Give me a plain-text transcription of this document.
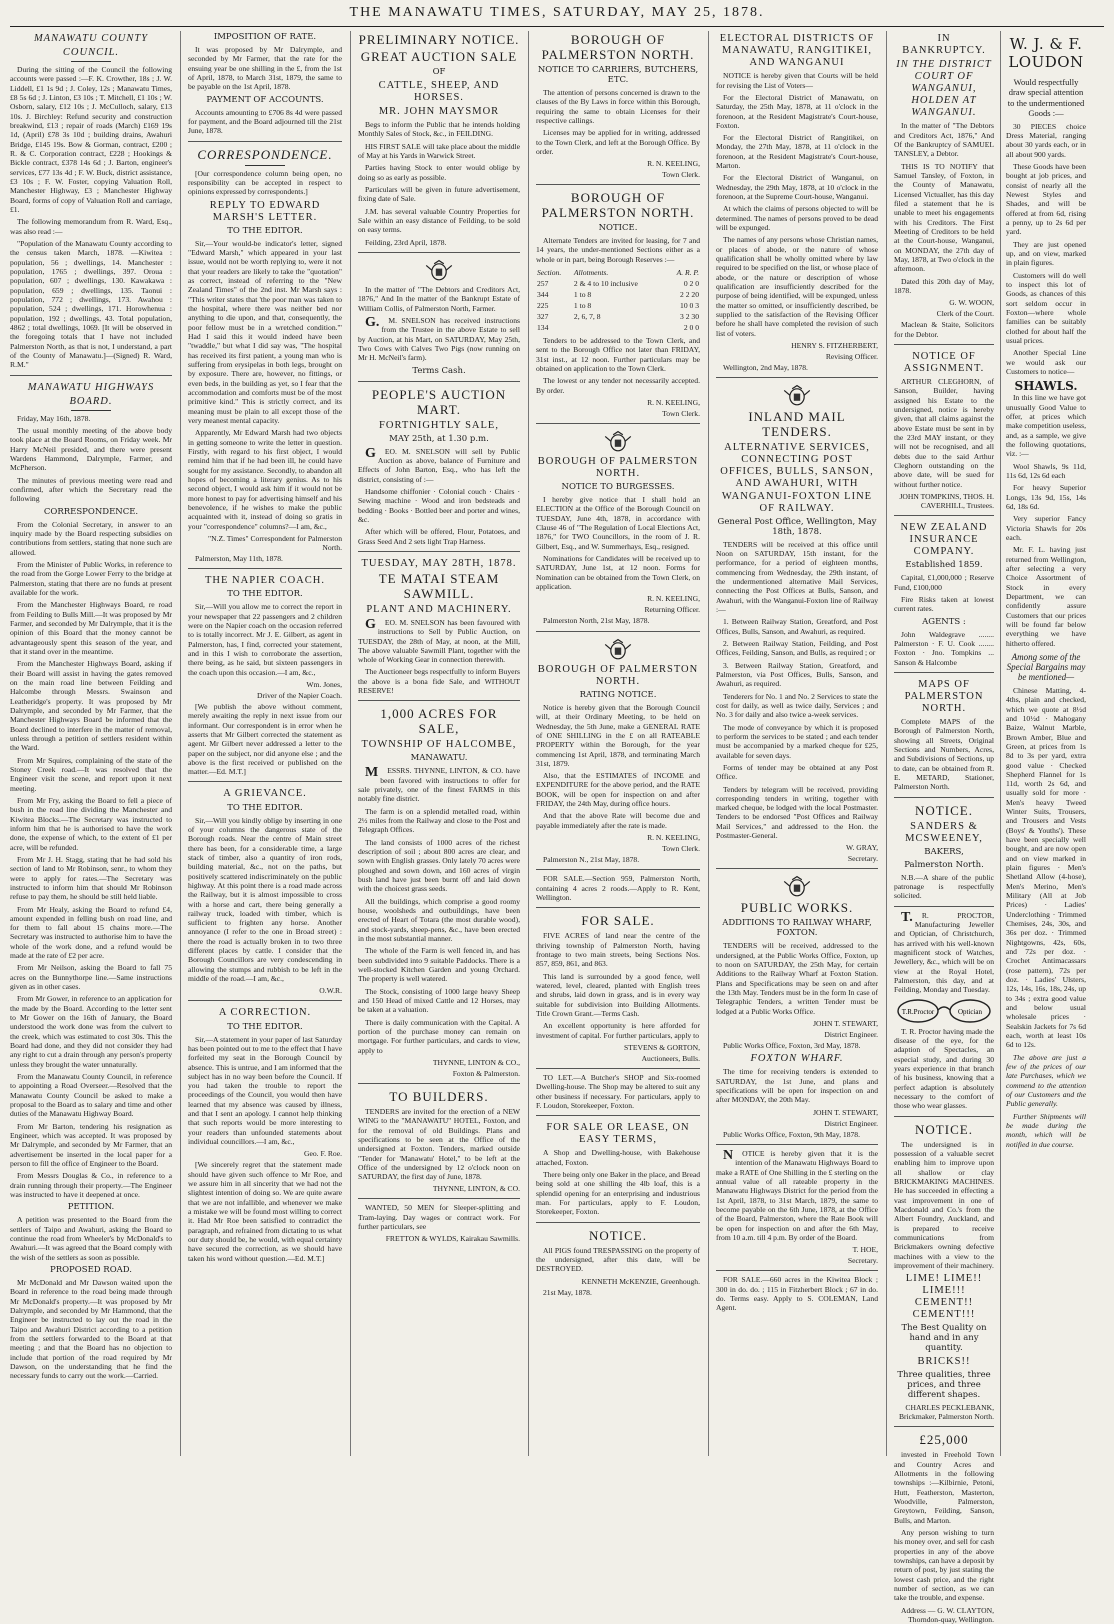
THE MANAWATU TIMES, SATURDAY, MAY 25, 1878.
MANAWATU COUNTY
COUNCIL.

During the sitting of the Council the following accounts were passed :—F. K. Crowther, 18s ; J. W. Liddell, £1 1s 9d ; J. Coley, 12s ; Manawatu Times, £8 5s 6d ; J. Linton, £3 10s ; T. Mitchell, £1 10s ; W. Osborn, salary, £12 10s ; J. McCulloch, salary, £13 10s. J. Birchley: Refund security and construction breakwind, £13 ; repair of roads (March) £169 19s 1d, (April) £78 3s 10d ; building drains, Awahuri Bridge, £145 19s. Bow & Gorman, contract, £200 ; R. & C. Corporation contract, £228 ; Hookings & Bickle contract, £378 14s 6d ; J. Barton, engineer's services, £77 13s 4d ; F. W. Buck, district assistance, £3 10s ; F. W. Foster, copying Valuation Roll, Manchester Highway, £3 ; Manchester Highway Board, forms of copy of Valuation Roll and carriage, £1.

The following memorandum from R. Ward, Esq., was also read :—

"Population of the Manawatu County according to the census taken March, 1878. —Kiwitea : population, 56 ; dwellings, 14. Manchester : population, 1765 ; dwellings, 397. Oroua : population, 607 ; dwellings, 130. Kawakawa : population, 659 ; dwellings, 135. Taonui : population, 772 ; dwellings, 173. Awahou : population, 524 ; dwellings, 171. Horowhenua : population, 192 ; dwellings, 43. Total population, 4862 ; total dwellings, 1069. [It will be observed in the foregoing totals that I have not included Palmerston North, as that is not, I understand, a part of the County of Manawatu.]—(Signed) R. Ward, R.M."

MANAWATU HIGHWAYS
BOARD.

Friday, May 16th, 1878.

The usual monthly meeting of the above body took place at the Board Rooms, on Friday week. Mr Harry McNeil presided, and there were present Wardens Hammond, Dalrymple, Farmer, and McPherson.

The minutes of previous meeting were read and confirmed, after which the Secretary read the following

CORRESPONDENCE.

From the Colonial Secretary, in answer to an inquiry made by the Board respecting subsidies on contributions from settlers, stating that none such are allowed.

From the Minister of Public Works, in reference to the road from the Gorge Lower Ferry to the bridge at Palmerston, stating that there are no funds at present available for the work.

From the Manchester Highways Board, re road from Feilding to Bulls Mill.—It was proposed by Mr Farmer, and seconded by Mr Dalrymple, that it is the opinion of this Board that the money cannot be advantageously spent this season of the year, and that it stand over in the meantime.

From the Manchester Highways Board, asking if their Board will assist in having the gates removed on the main road line between Feilding and Halcombe through Messrs. Swainson and Leatheridge's property. It was proposed by Mr Dalrymple, and seconded by Mr Farmer, that the Manchester Highways Board be informed that the Board declined to interfere in the matter of removal, unless through a petition of settlers resident within the Ward.

From Mr Squires, complaining of the state of the Stoney Creek road.—It was resolved that the Engineer visit the scene, and report upon it next meeting.

From Mr Fry, asking the Board to fell a piece of bush in the road line dividing the Manchester and Kiwitea Blocks.—The Secretary was instructed to inform him that he is authorised to have the work done, the expense of which, to the extent of £1 per acre, will be refunded.

From Mr J. H. Stagg, stating that he had sold his section of land to Mr Robinson, senr., to whom they were to apply for rates.—The Secretary was instructed to inform him that should Mr Robinson refuse to pay them, he should be still held liable.

From Mr Healy, asking the Board to refund £4, amount expended in felling bush on road line, and for them to fall about 15 chains more.—The Secretary was instructed to authorise him to have the whole of the work done, and a refund would be made at the rate of £2 per acre.

From Mr Neilson, asking the Board to fall 75 acres on the Bunnythorpe line.—Same instructions given as in other cases.

From Mr Gower, in reference to an application for the made by the Board. According to the letter sent to Mr Gower on the 16th of January, the Board understood the work done was from the culvert to the creek, which was estimated to cost 30s. This the Board had done, and they did not consider they had any right to cut a drain through any person's property unless they brought the water unnaturally.

From the Manawatu County Council, in reference to appointing a Road Overseer.—Resolved that the Manawatu County Council be asked to make a proposal to the Board as to salary and time and other duties of the Manawatu Highway Board.

From Mr Barton, tendering his resignation as Engineer, which was accepted. It was proposed by Mr Dalrymple, and seconded by Mr Farmer, that an advertisement be inserted in the local paper for a person to fill the office of Engineer to the Board.

From Messrs Douglas & Co., in reference to a drain running through their property.—The Engineer was instructed to have it deepened at once.

PETITION.

A petition was presented to the Board from the settlers of Taipo and Awahuri, asking the Board to continue the road from Wheeler's by McDonald's to Awahuri.—It was agreed that the Board comply with the wish of the settlers as soon as possible.

PROPOSED ROAD.

Mr McDonald and Mr Dawson waited upon the Board in reference to the road being made through Mr McDonald's property.—It was proposed by Mr Dalrymple, and seconded by Mr Hammond, that the Engineer be instructed to lay out the road in the Taipo and Awahuri District according to a petition from the settlers forwarded to the Board at that meeting ; and that the Board has no objection to include that portion of the road required by Mr Dawson, on the understanding that he find the necessary funds to carry out the work.—Carried.

IMPOSITION OF RATE.

It was proposed by Mr Dalrymple, and seconded by Mr Farmer, that the rate for the ensuing year be one shilling in the £, from the 1st of April, 1878, to March 31st, 1879, the same to be payable on the 1st April, 1878.

PAYMENT OF ACCOUNTS.

Accounts amounting to £706 8s 4d were passed for payment, and the Board adjourned till the 21st June, 1878.

CORRESPONDENCE.

[Our correspondence column being open, no responsibility can be accepted in respect to opinions expressed by correspondents.]

REPLY TO EDWARD MARSH'S LETTER.
TO THE EDITOR.

Sir,—Your would-be indicator's letter, signed "Edward Marsh," which appeared in your last issue, would not be worth replying to, were it not that your readers are likely to take the "quotation" as correct, instead of referring to the "New Zealand Times" of the 2nd inst. Mr Marsh says : "This writer states that 'the poor man was taken to the hospital, where there was neither bed nor anything to die upon, and that, consequently, the poor fellow must be in a wretched condition.'" Had I said this it would indeed have been "twaddle," but what I did say was, "The hospital has received its first patient, a young man who is suffering from erysipelas in both legs, brought on by exposure. There are, however, no fittings, or even beds, in the building as yet, so I fear that the accommodation and comforts must be of the most primitive kind." This is strictly correct, and its meaning must be plain to all except those of the very meanest mental capacity.

Apparently, Mr Edward Marsh had two objects in getting someone to write the letter in question. Firstly, with regard to his first object, I would remind him that if he had been ill, he could have sought for my assistance. Secondly, to abandon all hopes of becoming a literary genius. As to his second object, I would ask him if it would not be more honest to pay for advertising himself and his benevolence, if he wishes to make the public acquainted with it, instead of doing so gratis in your "correspondence" columns?—I am, &c.,

"N.Z. Times" Correspondent for Palmerston North.

Palmerston, May 11th, 1878.

THE NAPIER COACH.
TO THE EDITOR.

Sir,—Will you allow me to correct the report in your newspaper that 22 passengers and 2 children were on the Napier coach on the occasion referred to is totally incorrect. Mr J. E. Gilbert, as agent in Palmerston, has, I find, corrected your statement, and in this I wish to corroborate the assertion, there being, as he said, but sixteen passengers in the coach upon this occasion.—I am, &c.,

Wm. Jones,
Driver of the Napier Coach.

[We publish the above without comment, merely awaiting the reply in next issue from our informant. Our correspondent is in error when he asserts that Mr Gilbert corrected the statement as agent. Mr Gilbert never addressed a letter to the paper on the subject, nor did anyone else ; and the above is the first received or published on the matter.—Ed. M.T.]

A GRIEVANCE.
TO THE EDITOR.

Sir,—Will you kindly oblige by inserting in one of your columns the dangerous state of the Borough roads. Near the centre of Main street there has been, for a considerable time, a large stack of timber, also a quantity of iron rods, building material, &c., not on the paths, but positively scattered indiscriminately on the public highway. At this point there is a road made across the Railway, but it is almost impossible to cross with a horse and cart, there being generally a railway truck, loaded with timber, which is sufficient to frighten any horse. Another annoyance (I refer to the one in Broad street) : there the road is actually broken in to two three different places by cattle. I consider that the Borough Councillors are very condescending in allowing the stumps and rubbish to be left in the middle of the road.—I am, &c.,

O.W.R.
A CORRECTION.
TO THE EDITOR.

Sir,—A statement in your paper of last Saturday has been pointed out to me to the effect that I have forfeited my seat in the Borough Council by absence. This is untrue, and I am informed that the subject has in no way been before the Council. If you had taken the trouble to report the proceedings of the Council, you would then have learned that my absence was caused by illness, and that I sent an apology. I cannot help thinking that such reports would be more interesting to your readers than unfounded statements about individual councillors.—I am, &c.,

Geo. F. Roe.

[We sincerely regret that the statement made should have given such offence to Mr Roe, and we assure him in all sincerity that we had not the slightest intention of doing so. We are quite aware that we are not infallible, and whenever we make a mistake we will be found most willing to correct it. Had Mr Roe been satisfied to contradict the paragraph, and refrained from dictating to us what our duty should be, he would, with equal certainty have secured the correction, as we should have taken his word without question.—Ed. M.T.]

PRELIMINARY NOTICE.
GREAT AUCTION SALE
OF
CATTLE, SHEEP, AND HORSES.
MR. JOHN MAYSMOR

Begs to inform the Public that he intends holding Monthly Sales of Stock, &c., in FEILDING.

HIS FIRST SALE will take place about the middle of May at his Yards in Warwick Street.

Parties having Stock to enter would oblige by doing so as early as possible.

Particulars will be given in future advertisement, fixing date of Sale.

J.M. has several valuable Country Properties for Sale within an easy distance of Feilding, to be sold on easy terms.

Feilding, 23rd April, 1878.

In the matter of "The Debtors and Creditors Act, 1876," And In the matter of the Bankrupt Estate of William Collis, of Palmerston North, Farmer.

G.M. SNELSON has received instructions from the Trustee in the above Estate to sell by Auction, at his Mart, on SATURDAY, May 25th, Two Cows with Calves Two Pigs (now running on Mr H. McNeil's farm).

Terms Cash.
PEOPLE'S AUCTION MART.
FORTNIGHTLY SALE,
MAY 25th, at 1.30 p.m.

GEO. M. SNELSON will sell by Public Auction as above, balance of Furniture and Effects of John Barton, Esq., who has left the district, consisting of :—

Handsome chiffonier · Colonial couch · Chairs · Sewing machine · Wood and iron bedsteads and bedding · Books · Bottled beer and porter and wines, &c.

After which will be offered, Flour, Potatoes, and Grass Seed And 2 sets light Trap Harness.

TUESDAY, MAY 28TH, 1878.
TE MATAI STEAM SAWMILL.
PLANT AND MACHINERY.

GEO. M. SNELSON has been favoured with instructions to Sell by Public Auction, on TUESDAY, the 28th of May, at noon, at the Mill, The above valuable Sawmill Plant, together with the whole of Working Gear in connection therewith.

The Auctioneer begs respectfully to inform Buyers the above is a bona fide Sale, and WITHOUT RESERVE!

1,000 ACRES FOR SALE,
TOWNSHIP OF HALCOMBE,
MANAWATU.

MESSRS. THYNNE, LINTON, & CO. have been favored with instructions to offer for sale privately, one of the finest FARMS in this notably fine district.

The farm is on a splendid metalled road, within 2½ miles from the Railway and close to the Post and Telegraph Offices.

The land consists of 1000 acres of the richest description of soil ; about 800 acres are clear, and sown with English grasses. Only lately 70 acres were ploughed and sown down, and 160 acres of virgin bush land have just been burnt off and laid down with the choicest grass seeds.

All the buildings, which comprise a good roomy house, woolsheds and outbuildings, have been erected of Heart of Totara (the most durable wood), and stock-yards, sheep-pens, &c., have been erected in the most substantial manner.

The whole of the Farm is well fenced in, and has been subdivided into 9 suitable Paddocks. There is a well-stocked Kitchen Garden and young Orchard. The property is well watered.

The Stock, consisting of 1000 large heavy Sheep and 150 Head of mixed Cattle and 12 Horses, may be taken at a valuation.

There is daily communication with the Capital. A portion of the purchase money can remain on mortgage. For further particulars, and cards to view, apply to

THYNNE, LINTON & CO.,
Foxton & Palmerston.
TO BUILDERS.

TENDERS are invited for the erection of a NEW WING to the "MANAWATU" HOTEL, Foxton, and for the removal of old Buildings. Plans and specifications to be seen at the Office of the undersigned at Foxton. Tenders, marked outside "Tender for 'Manawatu' Hotel," to be left at the Office of the undersigned by 12 o'clock noon on SATURDAY, the first day of June, 1878.

THYNNE, LINTON, & CO.

WANTED, 50 MEN for Sleeper-splitting and Tram-laying. Day wages or contract work. For further particulars, see

FRETTON & WYLDS, Kairakau Sawmills.
BOROUGH OF PALMERSTON NORTH.
NOTICE TO CARRIERS, BUTCHERS, ETC.

The attention of persons concerned is drawn to the clauses of the By Laws in force within this Borough, requiring the same to obtain Licenses for their respective callings.

Licenses may be applied for in writing, addressed to the Town Clerk, and left at the Borough Office. By order.

R. N. KEELING,
Town Clerk.
BOROUGH OF PALMERSTON NORTH.
NOTICE.

Alternate Tenders are invited for leasing, for 7 and 14 years, the under-mentioned Sections either as a whole or in part, being Borough Reserves :—

Section.	Allotments.	A. R. P.
257	2 & 4 to 10 inclusive	0 2 0
344	1 to 8	2 2 20
225	1 to 8	10 0 3
327	2, 6, 7, 8	3 2 30
134		2 0 0

Tenders to be addressed to the Town Clerk, and sent to the Borough Office not later than FRIDAY, 31st inst., at 12 noon. Further particulars may be obtained on application to the Town Clerk.

The lowest or any tender not necessarily accepted. By order.

R. N. KEELING,
Town Clerk.
BOROUGH OF PALMERSTON NORTH.
NOTICE TO BURGESSES.

I hereby give notice that I shall hold an ELECTION at the Office of the Borough Council on TUESDAY, June 4th, 1878, in accordance with Clause 46 of "The Regulation of Local Elections Act, 1876," for TWO Councillors, in the room of J. R. Gilbert, Esq., and W. Summerhays, Esq., resigned.

Nominations for Candidates will be received up to SATURDAY, June 1st, at 12 noon. Forms for Nomination can be obtained from the Town Clerk, on application.

R. N. KEELING,
Returning Officer.

Palmerston North, 21st May, 1878.

BOROUGH OF PALMERSTON NORTH.
RATING NOTICE.

Notice is hereby given that the Borough Council will, at their Ordinary Meeting, to be held on Wednesday, the 5th June, make a GENERAL RATE of ONE SHILLING in the £ on all RATEABLE PROPERTY within the Borough, for the year commencing 1st April, 1878, and terminating March 31st, 1879.

Also, that the ESTIMATES of INCOME and EXPENDITURE for the above period, and the RATE BOOK, will be open for inspection on and after FRIDAY, the 24th May, during office hours.

And that the above Rate will become due and payable immediately after the rate is made.

R. N. KEELING,
Town Clerk.

Palmerston N., 21st May, 1878.

FOR SALE.—Section 959, Palmerston North, containing 4 acres 2 roods.—Apply to R. Kent, Wellington.

FOR SALE.

FIVE ACRES of land near the centre of the thriving township of Palmerston North, having frontage to two main streets, being Sections Nos. 857, 859, 861, and 863.

This land is surrounded by a good fence, well watered, level, cleared, planted with English trees and shrubs, laid down in grass, and is in every way suitable for subdivision into Building Allotments. Title Crown Grant.—Terms Cash.

An excellent opportunity is here afforded for investment of capital. For further particulars, apply to

STEVENS & GORTON,
Auctioneers, Bulls.

TO LET.—A Butcher's SHOP and Six-roomed Dwelling-house. The Shop may be altered to suit any other business if necessary. For particulars, apply to F. Loudon, Storekeeper, Foxton.

FOR SALE OR LEASE, ON EASY TERMS,

A Shop and Dwelling-house, with Bakehouse attached, Foxton.

There being only one Baker in the place, and Bread being sold at one shilling the 4lb loaf, this is a splendid opening for an enterprising and industrious man. For particulars, apply to F. Loudon, Storekeeper, Foxton.

NOTICE.

All PIGS found TRESPASSING on the property of the undersigned, after this date, will be DESTROYED.

KENNETH McKENZIE, Greenhough.

21st May, 1878.

ELECTORAL DISTRICTS OF MANAWATU, RANGITIKEI, AND WANGANUI

NOTICE is hereby given that Courts will be held for revising the List of Voters—

For the Electoral District of Manawatu, on Saturday, the 25th May, 1878, at 11 o'clock in the forenoon, at the Resident Magistrate's Court-house, Foxton.

For the Electoral District of Rangitikei, on Monday, the 27th May, 1878, at 11 o'clock in the forenoon, at the Resident Magistrate's Court-house, Marton.

For the Electoral District of Wanganui, on Wednesday, the 29th May, 1878, at 10 o'clock in the forenoon, at the Supreme Court-house, Wanganui.

At which the claims of persons objected to will be determined. The names of persons proved to be dead will be expunged.

The names of any persons whose Christian names, or places of abode, or the nature of whose qualification shall be wholly omitted where by law required to be specified on the list, or whose place of abode, or the nature or description of whose qualification are insufficiently described for the purpose of being identified, will be expunged, unless the matter so omitted, or insufficiently described, be supplied to the satisfaction of the Revising Officer before he shall have completed the revision of such list of voters.

HENRY S. FITZHERBERT,
Revising Officer.

Wellington, 2nd May, 1878.

INLAND MAIL TENDERS.
ALTERNATIVE SERVICES, CONNECTING POST OFFICES, BULLS, SANSON, AND AWAHURI, WITH WANGANUI-FOXTON LINE OF RAILWAY.
General Post Office, Wellington, May 18th, 1878.

TENDERS will be received at this office until Noon on SATURDAY, 15th instant, for the performance, for a period of eighteen months, commencing from Wednesday, the 29th instant, of the undermentioned alternative Mail Services, connecting the Post Offices at Bulls, Sanson, and Awahuri, with the Wanganui-Foxton line of Railway :—

1. Between Railway Station, Greatford, and Post Offices, Bulls, Sanson, and Awahuri, as required.

2. Between Railway Station, Feilding, and Post Offices, Feilding, Sanson, and Bulls, as required ; or

3. Between Railway Station, Greatford, and Palmerston, via Post Offices, Bulls, Sanson, and Awahuri, as required.

Tenderers for No. 1 and No. 2 Services to state the cost for daily, as well as twice daily, Services ; and No. 3 for daily and also twice a-week services.

The mode of conveyance by which it is proposed to perform the services to be stated ; and each tender must be accompanied by a marked cheque for £25, available for seven days.

Forms of tender may be obtained at any Post Office.

Tenders by telegram will be received, providing corresponding tenders in writing, together with marked cheque, be lodged with the local Postmaster. Tenders to be endorsed "Post Offices and Railway Mail Services," and addressed to the Hon. the Postmaster-General.

W. GRAY,
Secretary.
PUBLIC WORKS.
ADDITIONS TO RAILWAY WHARF, FOXTON.

TENDERS will be received, addressed to the undersigned, at the Public Works Office, Foxton, up to noon on SATURDAY, the 25th May, for certain Additions to the Railway Wharf at Foxton Station. Plans and Specifications may be seen on and after the 13th May. Tenders must be in the form In case of Telegraphic Tenders, a written Tender must be lodged at a Public Works Office.

JOHN T. STEWART,
District Engineer.

Public Works Office, Foxton, 3rd May, 1878.

FOXTON WHARF.

The time for receiving tenders is extended to SATURDAY, the 1st June, and plans and specifications will be open for inspection on and after MONDAY, the 20th May.

JOHN T. STEWART,
District Engineer.

Public Works Office, Foxton, 9th May, 1878.

NOTICE is hereby given that it is the intention of the Manawatu Highways Board to make a RATE of One Shilling in the £ sterling on the annual value of all rateable property in the Manawatu Highways District for the period from the 1st April, 1878, to 31st March, 1879, the same to become payable on the 6th June, 1878, at the Office of the Board, Palmerston, where the Rate Book will be open for inspection on and after the 6th May, from 10 a.m. till 4 p.m. By order of the Board.

T. HOE,
Secretary.

FOR SALE.—660 acres in the Kiwitea Block ; 300 in do. do. ; 115 in Fitzherbert Block ; 67 in do. do. Terms easy. Apply to S. COLEMAN, Land Agent.

IN BANKRUPTCY.
IN THE DISTRICT COURT OF WANGANUI, HOLDEN AT WANGANUI.

In the matter of "The Debtors and Creditors Act, 1876," And Of the Bankruptcy of SAMUEL TANSLEY, a Debtor.

THIS IS TO NOTIFY that Samuel Tansley, of Foxton, in the County of Manawatu, Licensed Victualler, has this day filed a statement that he is unable to meet his engagements with his Creditors. The First Meeting of Creditors to be held at the Court-house, Wanganui, on MONDAY, the 27th day of May, 1878, at Two o'clock in the afternoon.

Dated this 20th day of May, 1878.

G. W. WOON,
Clerk of the Court.

Maclean & Staite, Solicitors for the Debtor.

NOTICE OF ASSIGNMENT.

ARTHUR CLEGHORN, of Sanson, Builder, having assigned his Estate to the undersigned, notice is hereby given, that all claims against the above Estate must be sent in by the 23rd MAY instant, or they will not be recognised, and all debts due to the said Arthur Cleghorn outstanding on the above date, will be sued for without further notice.

JOHN TOMPKINS, THOS. H. CAVERHILL, Trustees.
NEW ZEALAND INSURANCE COMPANY.
Established 1859.

Capital, £1,000,000 ; Reserve Fund, £100,000

Fire Risks taken at lowest current rates.

AGENTS :

John Waldegrave ........ Palmerston · F. U. Cook ........ Foxton · Jno. Tompkins ... Sanson & Halcombe

MAPS OF PALMERSTON NORTH.

Complete MAPS of the Borough of Palmerston North, showing all Streets, Original Sections and Numbers, Acres, and Subdivisions of Sections, up to date, can be obtained from R. E. METARD, Stationer, Palmerston North.

NOTICE.
SANDERS & MCSWEENEY,
BAKERS,
Palmerston North.

N.B.—A share of the public patronage is respectfully solicited.

T.R. PROCTOR, Manufacturing Jeweller and Optician, of Christchurch, has arrived with his well-known magnificent stock of Watches, Jewellery, &c., which will be on view at the Royal Hotel, Palmerston, this day, and at Feilding, Monday and Tuesday.

T.R.Proctor	Optician

T. R. Proctor having made the disease of the eye, for the adaption of Spectacles, an especial study, and during 30 years experience in that branch of his business, knowing that a perfect adaption is absolutely necessary to the comfort of those who wear glasses.

NOTICE.

The undersigned is in possession of a valuable secret enabling him to improve upon all shallow or clay BRICKMAKING MACHINES. He has succeeded in effecting a vast improvement in one of Macdonald and Co.'s from the Albert Foundry, Auckland, and is prepared to receive communications from Brickmakers owning defective machines with a view to the improvement of their machinery.

LIME! LIME!! LIME!!! CEMENT!! CEMENT!!!
The Best Quality on hand and in any quantity.
BRICKS!!
Three qualities, three prices, and three different shapes.
CHARLES PECKLEBANK, Brickmaker, Palmerston North.
£25,000

invested in Freehold Town and Country Acres and Allotments in the following townships :—Kilbirnie, Petoni, Hutt, Featherston, Masterton, Woodville, Palmerston, Greytown, Feilding, Sanson, Bulls, and Marton.

Any person wishing to turn his money over, and sell for cash properties in any of the above townships, can have a deposit by return of post, by just stating the lowest cash price, and the right number of section, as we can take the trouble, and expense.

Address — G. W. CLAYTON, Thorndon-quay, Wellington.
W. J. & F. LOUDON

Would respectfully draw special attention to the undermentioned Goods :—

30 PIECES choice Dress Material, ranging about 30 yards each, or in all about 900 yards.

These Goods have been bought at job prices, and consist of nearly all the Newest Styles and Shades, and will be offered at from 6d, rising a penny, up to 2s 6d per yard.

They are just opened up, and on view, marked in plain figures.

Customers will do well to inspect this lot of Goods, as chances of this sort seldom occur in Foxton—where whole families can be suitably clothed for about half the usual prices.

Another Special Line we would ask our Customers to notice—

SHAWLS.

In this line we have got unusually Good Value to offer, at prices which make competition useless, and, as a sample, we give the following quotations, viz. :—

Wool Shawls, 9s 11d, 11s 6d, 12s 6d each

For heavy Superior Longs, 13s 9d, 15s, 14s 6d, 18s 6d.

Very superior Fancy Victoria Shawls for 20s each.

Mr. F. L. having just returned from Wellington, after selecting a very Choice Assortment of Stock in every Department, we can confidently assure Customers that our prices will be found far below everything we have hitherto offered.

Among some of the Special Bargains may be mentioned—

Chinese Matting, 4-4ths, plain and checked, which we quote at 8½d and 10½d · Mahogany Baize, Walnut Marble, Brown Amber, Blue and Green, at prices from 1s 8d to 3s per yard, extra good value · Checked Shepherd Flannel for 1s 11d, worth 2s 6d, and usually sold for more · Men's heavy Tweed Winter Suits, Trousers, and Trousers and Vests (Boys' & Youths'). These have been specially well bought, and are now open and on view marked in plain figures · Men's Shetland Allow (4-hose), Men's Merino, Men's Military (All at Job Prices) · Ladies' Underclothing · Trimmed Chemises, 24s, 30s, and 36s per doz. · Trimmed Nightgowns, 42s, 60s, and 72s per doz. · Crochet Antimacassars (rose pattern), 72s per doz. · Ladies' Ulsters, 12s, 14s, 16s, 18s, 24s, up to 34s ; extra good value and below usual wholesale prices · Sealskin Jackets for 7s 6d each, worth at least 10s 6d to 12s.

The above are just a few of the prices of our late Purchases, which we commend to the attention of our Customers and the Public generally.

Further Shipments will be made during the month, which will be notified in due course.
